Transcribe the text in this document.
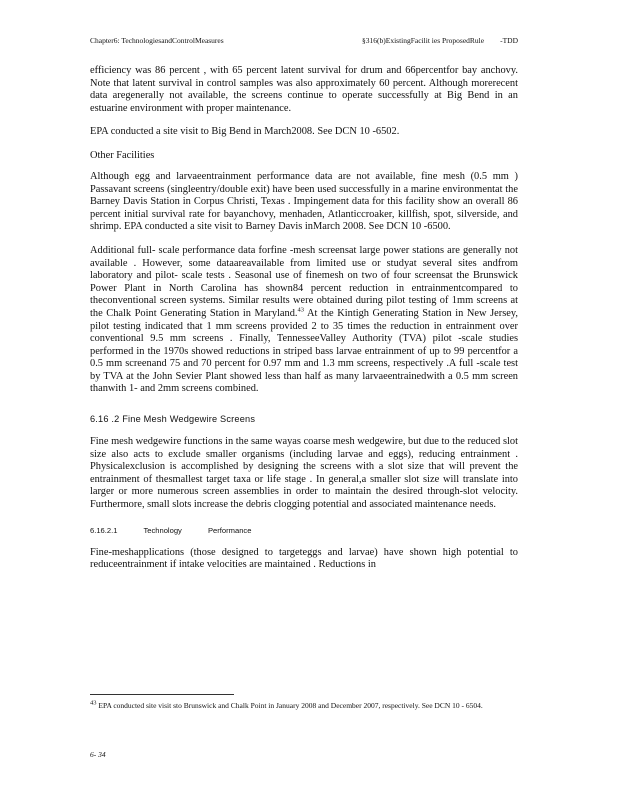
Chapter6: TechnologiesandControlMeasures	§316(b)ExistingFacilit ies ProposedRule -TDD

efficiency was 86 percent , with 65 percent latent survival for drum and 66percentfor bay anchovy. Note that latent survival in control samples was also approximately 60 percent. Although morerecent data aregenerally not available, the screens continue to operate successfully at Big Bend in an estuarine environment with proper maintenance.

EPA conducted a site visit to Big Bend in March2008. See DCN 10 -6502.

Other Facilities

Although egg and larvaeentrainment performance data are not available, fine mesh (0.5 mm ) Passavant screens (singleentry/double exit) have been used successfully in a marine environmentat the Barney Davis Station in Corpus Christi, Texas . Impingement data for this facility show an overall 86 percent initial survival rate for bayanchovy, menhaden, Atlanticcroaker, killfish, spot, silverside, and shrimp. EPA conducted a site visit to Barney Davis inMarch 2008. See DCN 10 -6500.

Additional full- scale performance data forfine -mesh screensat large power stations are generally not available . However, some dataareavailable from limited use or studyat several sites andfrom laboratory and pilot- scale tests . Seasonal use of finemesh on two of four screensat the Brunswick Power Plant in North Carolina has shown84 percent reduction in entrainmentcompared to theconventional screen systems. Similar results were obtained during pilot testing of 1mm screens at the Chalk Point Generating Station in Maryland.$^{43}$ At the Kintigh Generating Station in New Jersey, pilot testing indicated that 1 mm screens provided 2 to 35 times the reduction in entrainment over conventional 9.5 mm screens . Finally, TennesseeValley Authority (TVA) pilot -scale studies performed in the 1970s showed reductions in striped bass larvae entrainment of up to 99 percentfor a 0.5 mm screenand 75 and 70 percent for 0.97 mm and 1.3 mm screens, respectively .A full -scale test by TVA at the John Sevier Plant showed less than half as many larvaeentrainedwith a 0.5 mm screen thanwith 1- and 2mm screens combined.

6.16 .2 Fine Mesh Wedgewire Screens

Fine mesh wedgewire functions in the same wayas coarse mesh wedgewire, but due to the reduced slot size also acts to exclude smaller organisms (including larvae and eggs), reducing entrainment . Physicalexclusion is accomplished by designing the screens with a slot size that will prevent the entrainment of thesmallest target taxa or life stage . In general,a smaller slot size will translate into larger or more numerous screen assemblies in order to maintain the desired through-slot velocity. Furthermore, small slots increase the debris clogging potential and associated maintenance needs.

6.16.2.1	Technology	Performance

Fine-meshapplications (those designed to targeteggs and larvae) have shown high potential to reduceentrainment if intake velocities are maintained . Reductions in

$^{43}$ EPA conducted site visit sto Brunswick and Chalk Point in January 2008 and December 2007, respectively. See DCN 10 - 6504.
6- 34
